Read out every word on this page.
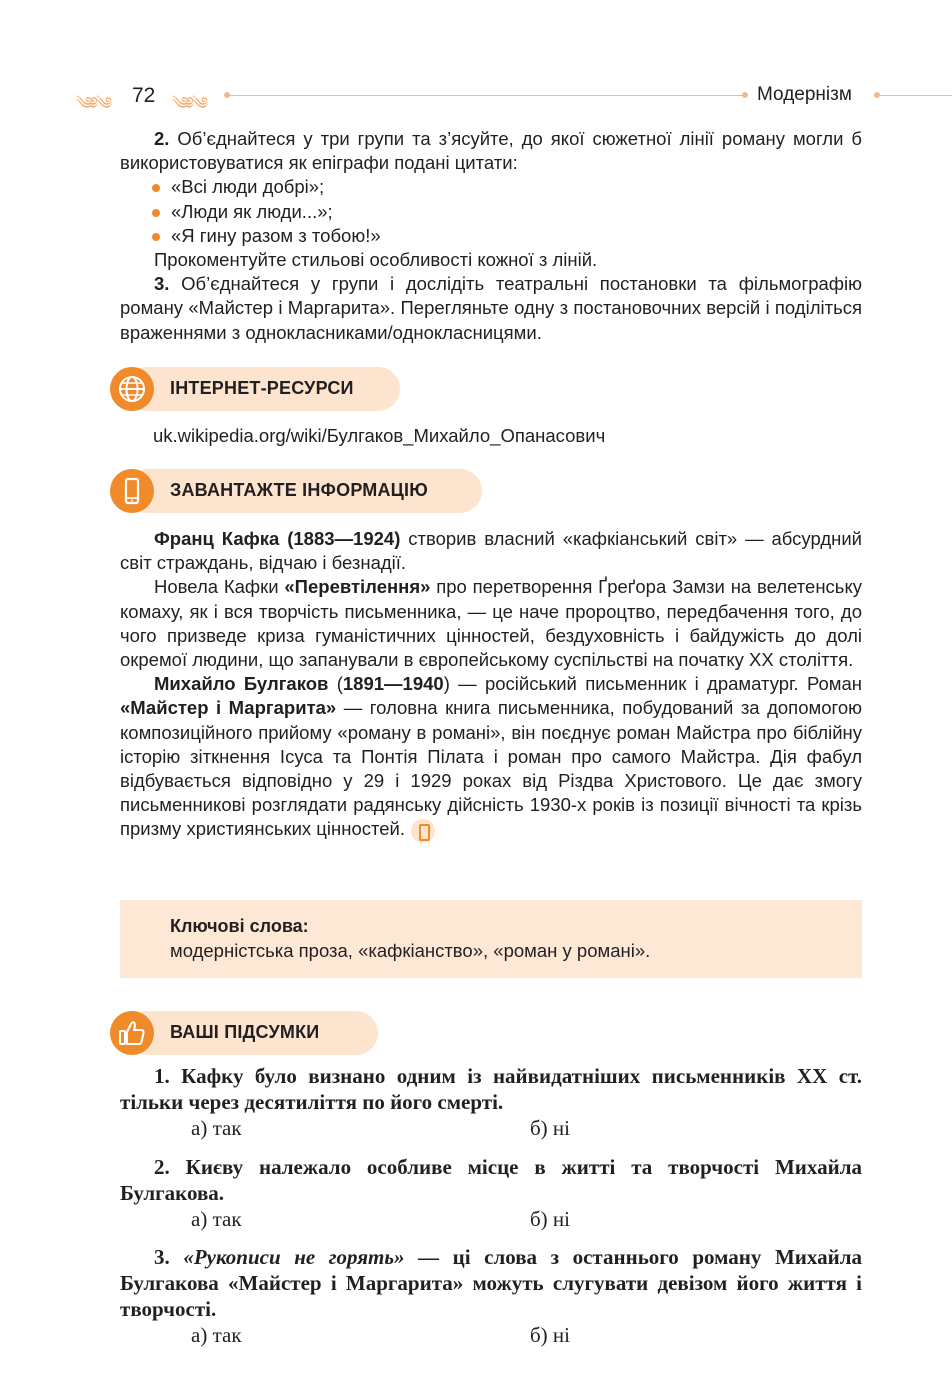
༄༅༄ 72 ༄༅༄	Модернізм

2. Об’єднайтеся у три групи та з’ясуйте, до якої сюжетної лінії роману могли б використовуватися як епіграфи подані цитати:

«Всі люди добрі»;
«Люди як люди...»;
«Я гину разом з тобою!»

Прокоментуйте стильові особливості кожної з ліній.

3. Об’єднайтеся у групи і дослідіть театральні постановки та фільмографію роману «Майстер і Маргарита». Перегляньте одну з постановочних версій і поділіться враженнями з однокласниками/однокласницями.

ІНТЕРНЕТ-РЕСУРСИ
uk.wikipedia.org/wiki/Булгаков_Михайло_Опанасович
ЗАВАНТАЖТЕ ІНФОРМАЦІЮ

Франц Кафка (1883—1924) створив власний «кафкіанський світ» — абсурдний світ страждань, відчаю і безнадії.

Новела Кафки «Перевтілення» про перетворення Ґреґора Замзи на велетенську комаху, як і вся творчість письменника, — це наче пророцтво, передбачення того, до чого призведе криза гуманістичних цінностей, бездуховність і байдужість до долі окремої людини, що запанували в європейському суспільстві на початку ХХ століття.

Михайло Булгаков (1891—1940) — російський письменник і драматург. Роман «Майстер і Маргарита» — головна книга письменника, побудований за допомогою композиційного прийому «роману в романі», він поєднує роман Майстра про біблійну історію зіткнення Ісуса та Понтія Пілата і роман про самого Майстра. Дія фабул відбувається відповідно у 29 і 1929 роках від Різдва Христового. Це дає змогу письменникові розглядати радянську дійсність 1930-х років із позиції вічності та крізь призму християнських цінностей.

Ключові слова:
модерністська проза, «кафкіанство», «роман у романі».
ВАШІ ПІДСУМКИ

1. Кафку було визнано одним із найвидатніших письменників ХХ ст. тільки через десятиліття по його смерті.

а) так	б) ні

2. Києву належало особливе місце в житті та творчості Михайла Булгакова.

а) так	б) ні

3. «Рукописи не горять» — ці слова з останнього роману Михайла Булгакова «Майстер і Маргарита» можуть слугувати девізом його життя і творчості.

а) так	б) ні
